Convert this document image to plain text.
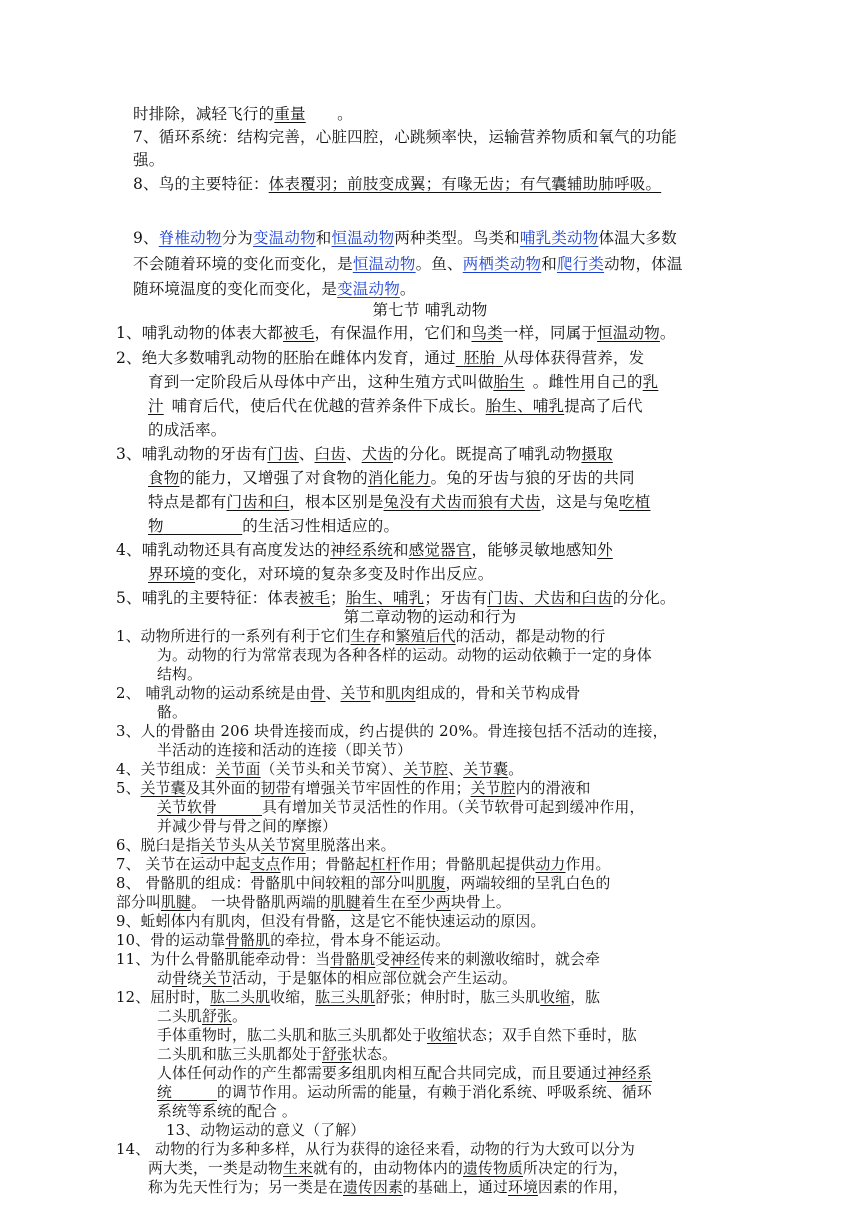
时排除，减轻飞行的重量   。
7、循环系统：结构完善，心脏四腔，心跳频率快，运输营养物质和氧气的功能
强。
8、鸟的主要特征：体表覆羽；前肢变成翼；有喙无齿；有气囊辅助肺呼吸。
9、脊椎动物分为变温动物和恒温动物两种类型。鸟类和哺乳类动物体温大多数
不会随着环境的变化而变化，是恒温动物。鱼、两栖类动物和爬行类动物，体温
随环境温度的变化而变化，是变温动物。
第七节 哺乳动物
1、哺乳动物的体表大都被毛，有保温作用，它们和鸟类一样，同属于恒温动物。
2、绝大多数哺乳动物的胚胎在雌体内发育，通过  胚胎  从母体获得营养，发
育到一定阶段后从母体中产出，这种生殖方式叫做胎生  。雌性用自己的乳
汁  哺育后代，使后代在优越的营养条件下成长。胎生、哺乳提高了后代
的成活率。
3、哺乳动物的牙齿有门齿、臼齿、犬齿的分化。既提高了哺乳动物摄取
食物的能力，又增强了对食物的消化能力。兔的牙齿与狼的牙齿的共同
特点是都有门齿和臼，根本区别是兔没有犬齿而狼有犬齿，这是与兔吃植
物     	的生活习性相适应的。
4、哺乳动物还具有高度发达的神经系统和感觉器官，能够灵敏地感知外
界环境的变化，对环境的复杂多变及时作出反应。
5、哺乳的主要特征：体表被毛；胎生、哺乳；牙齿有门齿、犬齿和臼齿的分化。
第二章动物的运动和行为
1、动物所进行的一系列有利于它们生存和繁殖后代的活动，都是动物的行
为。动物的行为常常表现为各种各样的运动。动物的运动依赖于一定的身体
结构。
2、 哺乳动物的运动系统是由骨、关节和肌肉组成的，骨和关节构成骨
骼。
3、人的骨骼由 206 块骨连接而成，约占提供的 20%。骨连接包括不活动的连接，
半活动的连接和活动的连接（即关节）
4、关节组成：关节面（关节头和关节窝）、关节腔、关节囊。
5、关节囊及其外面的韧带有增强关节牢固性的作用；关节腔内的滑液和
关节软骨   	具有增加关节灵活性的作用。（关节软骨可起到缓冲作用，
并减少骨与骨之间的摩擦）
6、脱臼是指关节头从关节窝里脱落出来。
7、 关节在运动中起支点作用；骨骼起杠杆作用；骨骼肌起提供动力作用。
8、 骨骼肌的组成：骨骼肌中间较粗的部分叫肌腹，两端较细的呈乳白色的
部分叫肌腱。 一块骨骼肌两端的肌腱着生在至少两块骨上。
9、蚯蚓体内有肌肉，但没有骨骼，这是它不能快速运动的原因。
10、骨的运动靠骨骼肌的牵拉，骨本身不能运动。
11、为什么骨骼肌能牵动骨：当骨骼肌受神经传来的刺激收缩时，就会牵
动骨绕关节活动，于是躯体的相应部位就会产生运动。
12、屈肘时，肱二头肌收缩，肱三头肌舒张；伸肘时，肱三头肌收缩，肱
二头肌舒张。
手体重物时，肱二头肌和肱三头肌都处于收缩状态；双手自然下垂时，肱
二头肌和肱三头肌都处于舒张状态。
人体任何动作的产生都需要多组肌肉相互配合共同完成，而且要通过神经系
统   	的调节作用。运动所需的能量，有赖于消化系统、呼吸系统、循环
系统等系统的配合 。
13、动物运动的意义（了解）
14、 动物的行为多种多样，从行为获得的途径来看，动物的行为大致可以分为
两大类，一类是动物生来就有的，由动物体内的遗传物质所决定的行为，
称为先天性行为；另一类是在遗传因素的基础上，通过环境因素的作用，
